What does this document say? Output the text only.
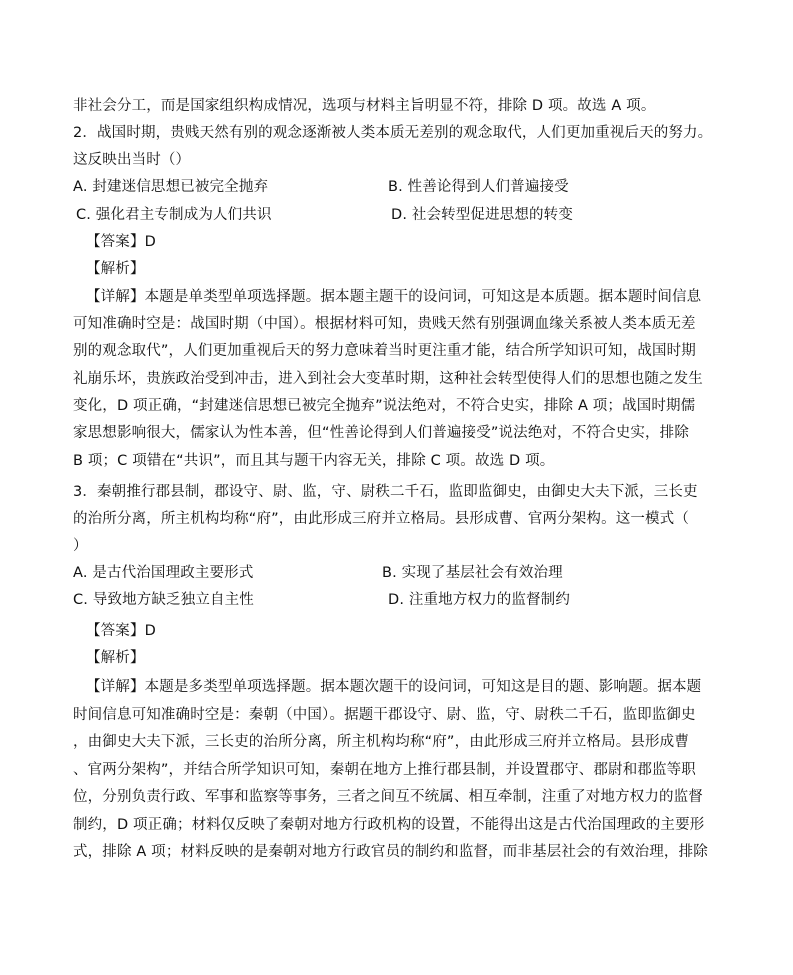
非社会分工，而是国家组织构成情况，选项与材料主旨明显不符，排除 D 项。故选 A 项。
2．战国时期，贵贱天然有别的观念逐渐被人类本质无差别的观念取代，人们更加重视后天的努力。
这反映出当时（）
A. 封建迷信思想已被完全抛弃	B. 性善论得到人们普遍接受
C. 强化君主专制成为人们共识	D. 社会转型促进思想的转变
【答案】D
【解析】
【详解】本题是单类型单项选择题。据本题主题干的设问词，可知这是本质题。据本题时间信息
可知准确时空是：战国时期（中国）。根据材料可知，贵贱天然有别强调血缘关系被人类本质无差
别的观念取代”，人们更加重视后天的努力意味着当时更注重才能，结合所学知识可知，战国时期
礼崩乐坏，贵族政治受到冲击，进入到社会大变革时期，这种社会转型使得人们的思想也随之发生
变化，D 项正确，“封建迷信思想已被完全抛弃”说法绝对，不符合史实，排除 A 项；战国时期儒
家思想影响很大，儒家认为性本善，但“性善论得到人们普遍接受”说法绝对，不符合史实，排除
B 项；C 项错在“共识”，而且其与题干内容无关，排除 C 项。故选 D 项。
3．秦朝推行郡县制，郡设守、尉、监，守、尉秩二千石，监即监御史，由御史大夫下派，三长吏
的治所分离，所主机构均称“府”，由此形成三府并立格局。县形成曹、官两分架构。这一模式（
）
A. 是古代治国理政主要形式	B. 实现了基层社会有效治理
C. 导致地方缺乏独立自主性	D. 注重地方权力的监督制约
【答案】D
【解析】
【详解】本题是多类型单项选择题。据本题次题干的设问词，可知这是目的题、影响题。据本题
时间信息可知准确时空是：秦朝（中国）。据题干郡设守、尉、监，守、尉秩二千石，监即监御史
，由御史大夫下派，三长吏的治所分离，所主机构均称“府”，由此形成三府并立格局。县形成曹
、官两分架构”，并结合所学知识可知，秦朝在地方上推行郡县制，并设置郡守、郡尉和郡监等职
位，分别负责行政、军事和监察等事务，三者之间互不统属、相互牵制，注重了对地方权力的监督
制约，D 项正确；材料仅反映了秦朝对地方行政机构的设置，不能得出这是古代治国理政的主要形
式，排除 A 项；材料反映的是秦朝对地方行政官员的制约和监督，而非基层社会的有效治理，排除
